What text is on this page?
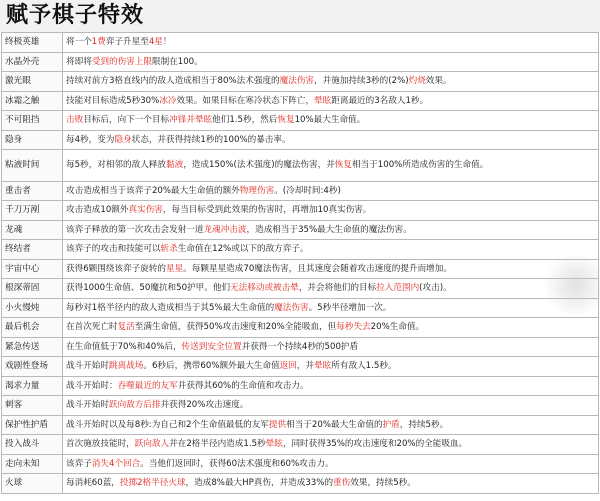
赋予棋子特效
终极英雄	将一个1费弈子升星至4星！
水晶外壳	将即将受到的伤害上限限制在100。
激光眼	持续对前方3格直线内的敌人造成相当于80%法术强度的魔法伤害，并施加持续3秒的(2%)灼烧效果。
冰霜之触	技能对目标造成5秒30%冰冷效果。如果目标在寒冷状态下阵亡，晕眩距离最近的3名敌人1秒。
不可阻挡	击败目标后，向下一个目标冲锋并晕眩他们1.5秒，然后恢复10%最大生命值。
隐身	每4秒，变为隐身状态，并获得持续1秒的100%的暴击率。
粘液时间	每5秒，对相邻的敌人释放黏液，造成150%(法术强度)的魔法伤害，并恢复相当于100%所造成伤害的生命值。
重击者	攻击造成相当于该弈子20%最大生命值的额外物理伤害。(冷却时间:4秒)
千刀万剐	攻击造成10额外真实伤害，每当目标受到此效果的伤害时，再增加10真实伤害。
龙魂	该弈子释放的第一次攻击会发射一道龙魂冲击波，造成相当于35%最大生命值的魔法伤害。
终结者	该弈子的攻击和技能可以斩杀生命值在12%或以下的敌方弈子。
宇宙中心	获得6颗围绕该弈子旋转的星星。每颗星星造成70魔法伤害，且其速度会随着攻击速度的提升而增加。
根深蒂固	获得1000生命值、50魔抗和50护甲。他们无法移动或被击晕，并会将他们的目标拉入范围内(攻击)。
小火慢炖	每秒对1格半径内的敌人造成相当于其5%最大生命值的魔法伤害。5秒半径增加一次。
最后机会	在首次死亡时复活至满生命值，获得50%攻击速度和20%全能吸血，但每秒失去20%生命值。
紧急传送	在生命值低于70%和40%后，传送到安全位置并获得一个持续4秒的500护盾
戏剧性登场	战斗开始时跳离战场。6秒后，携带60%额外最大生命值返回，并晕眩所有敌人1.5秒。
渴求力量	战斗开始时：吞噬最近的友军并获得其60%的生命值和攻击力。
刺客	战斗开始时跃向敌方后排并获得20%攻击速度。
保护性护盾	战斗开始时以及每8秒:为自己和2个生命值最低的友军提供相当于20%最大生命值的护盾，持续5秒。
投入战斗	首次施放技能时，跃向敌人并在2格半径内造成1.5秒晕眩，同时获得35%的攻击速度和20%的全能吸血。
走向未知	该弈子消失4个回合。当他们返回时，获得60法术强度和60%攻击力。
火球	每消耗60蓝，投掷2格半径火球，造成8%最大HP真伤，并造成33%的重伤效果，持续5秒。
